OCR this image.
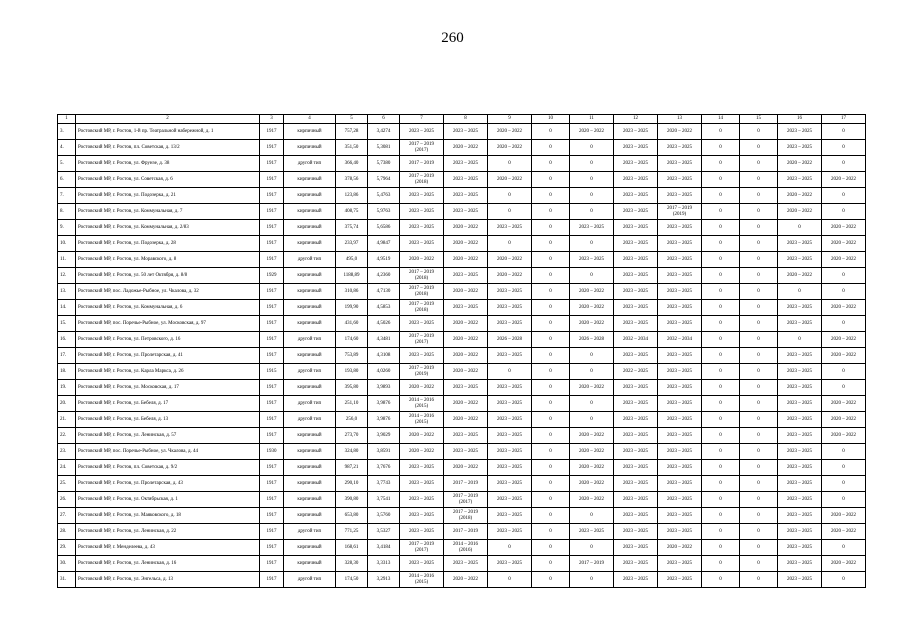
260
1	2	3	4	5	6	7	8	9	10	11	12	13	14	15	16	17
3.	Ростовский МР, г. Ростов, 1-й пр. Театральной набережной, д. 1	1917	кирпичный	757,28	3,4274	2023 – 2025	2023 – 2025	2020 – 2022	0	2020 – 2022	2023 – 2025	2020 – 2022	0	0	2023 – 2025	0
4.	Ростовский МР, г. Ростов, пл. Советская, д. 13/2	1917	кирпичный	351,50	5,3081	2017 – 2019 (2017)	2020 – 2022	2020 – 2022	0	0	2023 – 2025	2023 – 2025	0	0	2023 – 2025	0
5.	Ростовский МР, г. Ростов, ул. Фрунзе, д. 38	1917	другой тип	366,40	5,7380	2017 – 2019	2023 – 2025	0	0	0	2023 – 2025	2023 – 2025	0	0	2020 – 2022	0
6.	Ростовский МР, г. Ростов, ул. Советская, д. 6	1917	кирпичный	378,56	5,7964	2017 – 2019 (2018)	2023 – 2025	2020 – 2022	0	0	2023 – 2025	2023 – 2025	0	0	2023 – 2025	2020 – 2022
7.	Ростовский МР, г. Ростов, ул. Подозерка, д. 21	1917	кирпичный	123,86	5,4763	2023 – 2025	2023 – 2025	0	0	0	2023 – 2025	2023 – 2025	0	0	2020 – 2022	0
8.	Ростовский МР, г. Ростов, ул. Коммунальная, д. 7	1917	кирпичный	408,75	5,9763	2023 – 2025	2023 – 2025	0	0	0	2023 – 2025	2017 – 2019 (2019)	0	0	2020 – 2022	0
9.	Ростовский МР, г. Ростов, ул. Коммунальная, д. 2/83	1917	кирпичный	375,74	5,6586	2023 – 2025	2020 – 2022	2023 – 2025	0	2023 – 2025	2023 – 2025	2023 – 2025	0	0	0	2020 – 2022
10.	Ростовский МР, г. Ростов, ул. Подозерка, д. 28	1917	кирпичный	233,97	4,9847	2023 – 2025	2020 – 2022	0	0	0	2023 – 2025	2023 – 2025	0	0	2023 – 2025	2020 – 2022
11.	Ростовский МР, г. Ростов, ул. Моравского, д. 8	1917	другой тип	495,0	4,9519	2020 – 2022	2020 – 2022	2020 – 2022	0	2023 – 2025	2023 – 2025	2023 – 2025	0	0	2023 – 2025	2020 – 2022
12.	Ростовский МР, г. Ростов, ул. 50 лет Октября, д. 8/8	1929	кирпичный	1188,89	4,2360	2017 – 2019 (2018)	2023 – 2025	2020 – 2022	0	0	2023 – 2025	2023 – 2025	0	0	2020 – 2022	0
13.	Ростовский МР, пос. Ладожье-Рыбное, ул. Чкалова, д. 32	1917	кирпичный	310,86	4,7130	2017 – 2019 (2018)	2020 – 2022	2023 – 2025	0	2020 – 2022	2023 – 2025	2023 – 2025	0	0	0	0
14.	Ростовский МР, г. Ростов, ул. Коммунальная, д. 6	1917	кирпичный	199,90	4,5853	2017 – 2019 (2018)	2023 – 2025	2023 – 2025	0	2020 – 2022	2023 – 2025	2023 – 2025	0	0	2023 – 2025	2020 – 2022
15.	Ростовский МР, пос. Поречье-Рыбное, ул. Московская, д. 97	1917	кирпичный	431,60	4,5026	2023 – 2025	2020 – 2022	2023 – 2025	0	2020 – 2022	2023 – 2025	2023 – 2025	0	0	2023 – 2025	0
16.	Ростовский МР, г. Ростов, ул. Петровского, д. 16	1917	другой тип	174,60	4,3481	2017 – 2019 (2017)	2020 – 2022	2026 – 2028	0	2026 – 2028	2032 – 2034	2032 – 2034	0	0	0	2020 – 2022
17.	Ростовский МР, г. Ростов, ул. Пролетарская, д. 41	1917	кирпичный	753,89	4,3108	2023 – 2025	2020 – 2022	2023 – 2025	0	0	2023 – 2025	2023 – 2025	0	0	2023 – 2025	2020 – 2022
18.	Ростовский МР, г. Ростов, ул. Карла Маркса, д. 26	1915	другой тип	193,80	4,0260	2017 – 2019 (2019)	2020 – 2022	0	0	0	2022 – 2025	2023 – 2025	0	0	2023 – 2025	0
19.	Ростовский МР, г. Ростов, ул. Московская, д. 17	1917	кирпичный	395,80	3,9893	2020 – 2022	2023 – 2025	2023 – 2025	0	2020 – 2022	2023 – 2025	2023 – 2025	0	0	2023 – 2025	0
20.	Ростовский МР, г. Ростов, ул. Бебеля, д. 17	1917	другой тип	251,10	3,9876	2014 – 2016 (2015)	2020 – 2022	2023 – 2025	0	0	2023 – 2025	2023 – 2025	0	0	2023 – 2025	2020 – 2022
21.	Ростовский МР, г. Ростов, ул. Бебеля, д. 13	1917	другой тип	256,0	3,9876	2014 – 2016 (2015)	2020 – 2022	2023 – 2025	0	0	2023 – 2025	2023 – 2025	0	0	2023 – 2025	2020 – 2022
22.	Ростовский МР, г. Ростов, ул. Ленинская, д. 57	1917	кирпичный	273,70	3,9029	2020 – 2022	2023 – 2025	2023 – 2025	0	2020 – 2022	2023 – 2025	2023 – 2025	0	0	2023 – 2025	2020 – 2022
23.	Ростовский МР, пос. Поречье-Рыбное, ул. Чкалова, д. 44	1930	кирпичный	324,80	3,8591	2020 – 2022	2023 – 2025	2023 – 2025	0	2020 – 2022	2023 – 2025	2023 – 2025	0	0	2023 – 2025	0
24.	Ростовский МР, г. Ростов, пл. Советская, д. 9/2	1917	кирпичный	987,21	3,7676	2023 – 2025	2020 – 2022	2023 – 2025	0	2020 – 2022	2023 – 2025	2023 – 2025	0	0	2023 – 2025	0
25.	Ростовский МР, г. Ростов, ул. Пролетарская, д. 43	1917	кирпичный	290,10	3,7743	2023 – 2025	2017 – 2019	2023 – 2025	0	2020 – 2022	2023 – 2025	2023 – 2025	0	0	2023 – 2025	0
26.	Ростовский МР, г. Ростов, ул. Октябрьская, д. 1	1917	кирпичный	390,80	3,7541	2023 – 2025	2017 – 2019 (2017)	2023 – 2025	0	2020 – 2022	2023 – 2025	2023 – 2025	0	0	2023 – 2025	0
27.	Ростовский МР, г. Ростов, ул. Маяковского, д. 18	1917	кирпичный	653,80	3,5760	2023 – 2025	2017 – 2019 (2018)	2023 – 2025	0	0	2023 – 2025	2023 – 2025	0	0	2023 – 2025	2020 – 2022
28.	Ростовский МР, г. Ростов, ул. Ленинская, д. 22	1917	другой тип	771,25	3,5327	2023 – 2025	2017 – 2019	2023 – 2025	0	2023 – 2025	2023 – 2025	2023 – 2025	0	0	2023 – 2025	2020 – 2022
29.	Ростовский МР, г. Менделеева, д. 43	1917	кирпичный	168,61	3,4184	2017 – 2019 (2017)	2014 – 2016 (2016)	0	0	0	2023 – 2025	2020 – 2022	0	0	2023 – 2025	0
30.	Ростовский МР, г. Ростов, ул. Ленинская, д. 16	1917	кирпичный	328,30	3,3313	2023 – 2025	2023 – 2025	2023 – 2025	0	2017 – 2019	2023 – 2025	2023 – 2025	0	0	2023 – 2025	2020 – 2022
31.	Ростовский МР, г. Ростов, ул. Энгельса, д. 13	1917	другой тип	174,50	3,2913	2014 – 2016 (2015)	2020 – 2022	0	0	0	2023 – 2025	2023 – 2025	0	0	2023 – 2025	0
